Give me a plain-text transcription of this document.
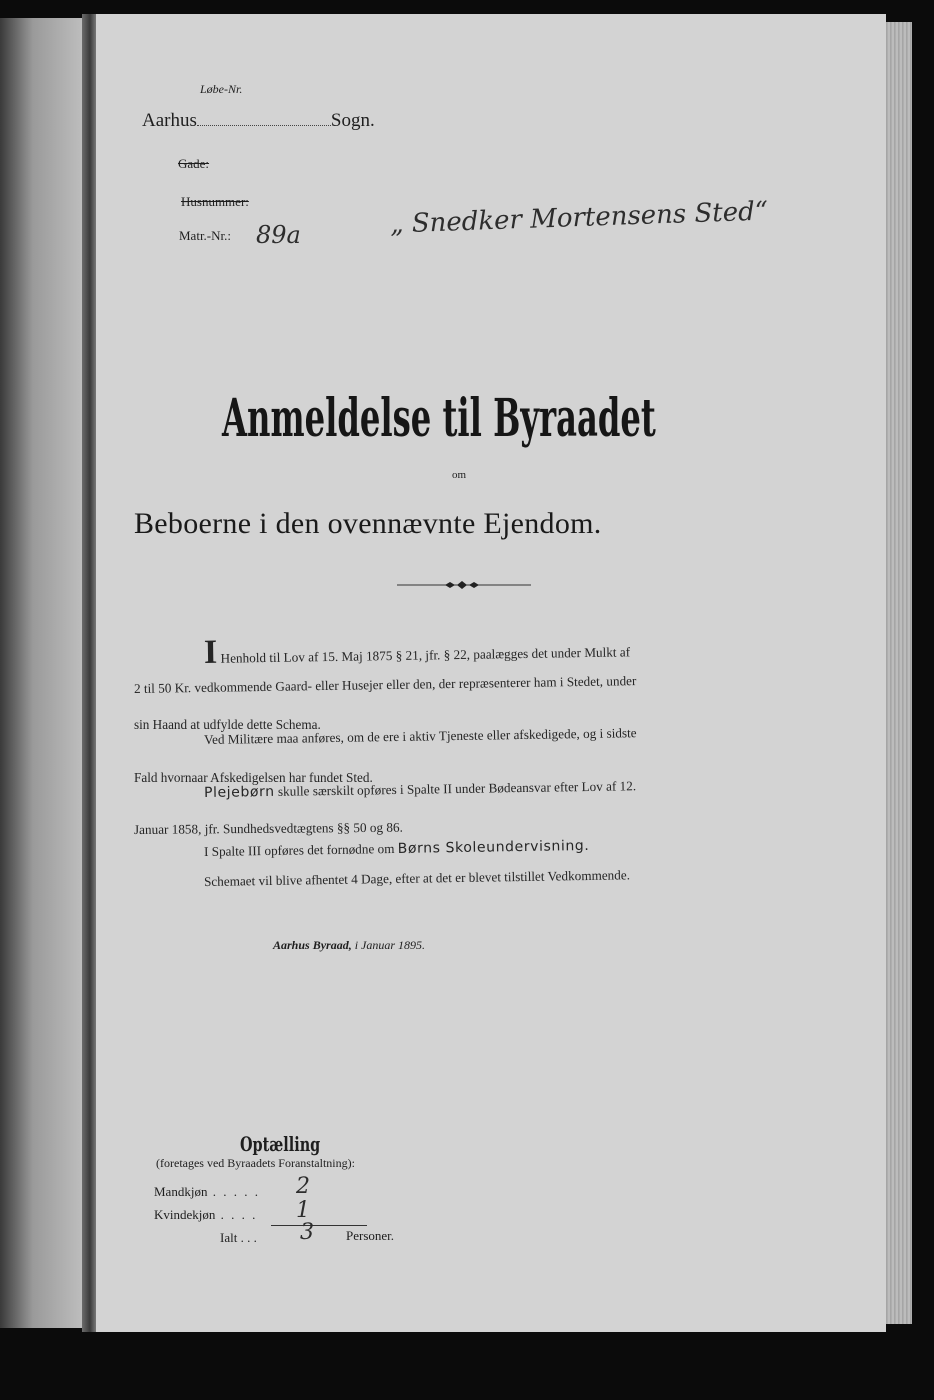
Løbe-Nr.
Aarhus	Sogn.
Gade:
Husnummer:
Matr.-Nr.: 89a	„ Snedker Mortensens Sted“
Anmeldelse til Byraadet
om
Beboerne i den ovennævnte Ejendom.
I Henhold til Lov af 15. Maj 1875 § 21, jfr. § 22, paalægges det under Mulkt af
2 til 50 Kr. vedkommende Gaard- eller Husejer eller den, der repræsenterer ham i Stedet, under
sin Haand at udfylde dette Schema.
Ved Militære maa anføres, om de ere i aktiv Tjeneste eller afskedigede, og i sidste
Fald hvornaar Afskedigelsen har fundet Sted.
Plejebørn skulle særskilt opføres i Spalte II under Bødeansvar efter Lov af 12.
Januar 1858, jfr. Sundhedsvedtægtens §§ 50 og 86.
I Spalte III opføres det fornødne om Børns Skoleundervisning.
Schemaet vil blive afhentet 4 Dage, efter at det er blevet tilstillet Vedkommende.
Aarhus Byraad, i Januar 1895.
Optælling
(foretages ved Byraadets Foranstaltning):
Mandkjøn . . . . . 2
Kvindekjøn . . . . 1
Ialt . . . 3 Personer.
